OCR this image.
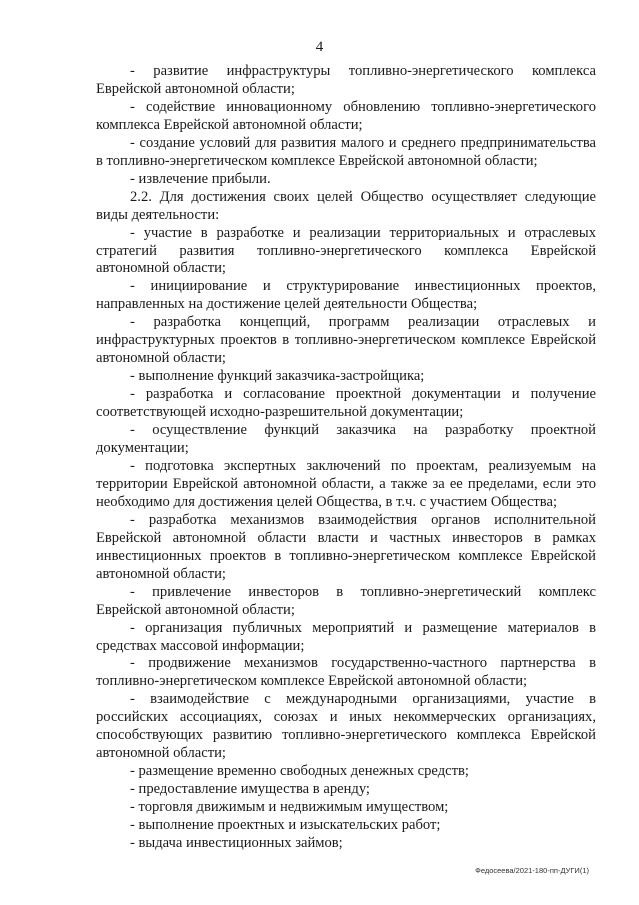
4

- развитие инфраструктуры топливно-энергетического комплекса Еврейской автономной области;

- содействие инновационному обновлению топливно-энергетического комплекса Еврейской автономной области;

- создание условий для развития малого и среднего предпринимательства в топливно-энергетическом комплексе Еврейской автономной области;

- извлечение прибыли.

2.2. Для достижения своих целей Общество осуществляет следующие виды деятельности:

- участие в разработке и реализации территориальных и отраслевых стратегий развития топливно-энергетического комплекса Еврейской автономной области;

- инициирование и структурирование инвестиционных проектов, направленных на достижение целей деятельности Общества;

- разработка концепций, программ реализации отраслевых и инфраструктурных проектов в топливно-энергетическом комплексе Еврейской автономной области;

- выполнение функций заказчика-застройщика;

- разработка и согласование проектной документации и получение соответствующей исходно-разрешительной документации;

- осуществление функций заказчика на разработку проектной документации;

- подготовка экспертных заключений по проектам, реализуемым на территории Еврейской автономной области, а также за ее пределами, если это необходимо для достижения целей Общества, в т.ч. с участием Общества;

- разработка механизмов взаимодействия органов исполнительной Еврейской автономной области власти и частных инвесторов в рамках инвестиционных проектов в топливно-энергетическом комплексе Еврейской автономной области;

- привлечение инвесторов в топливно-энергетический комплекс Еврейской автономной области;

- организация публичных мероприятий и размещение материалов в средствах массовой информации;

- продвижение механизмов государственно-частного партнерства в топливно-энергетическом комплексе Еврейской автономной области;

- взаимодействие с международными организациями, участие в российских ассоциациях, союзах и иных некоммерческих организациях, способствующих развитию топливно-энергетического комплекса Еврейской автономной области;

- размещение временно свободных денежных средств;

- предоставление имущества в аренду;

- торговля движимым и недвижимым имуществом;

- выполнение проектных и изыскательских работ;

- выдача инвестиционных займов;

Федосеева/2021-180-пп-ДУГИ(1)
